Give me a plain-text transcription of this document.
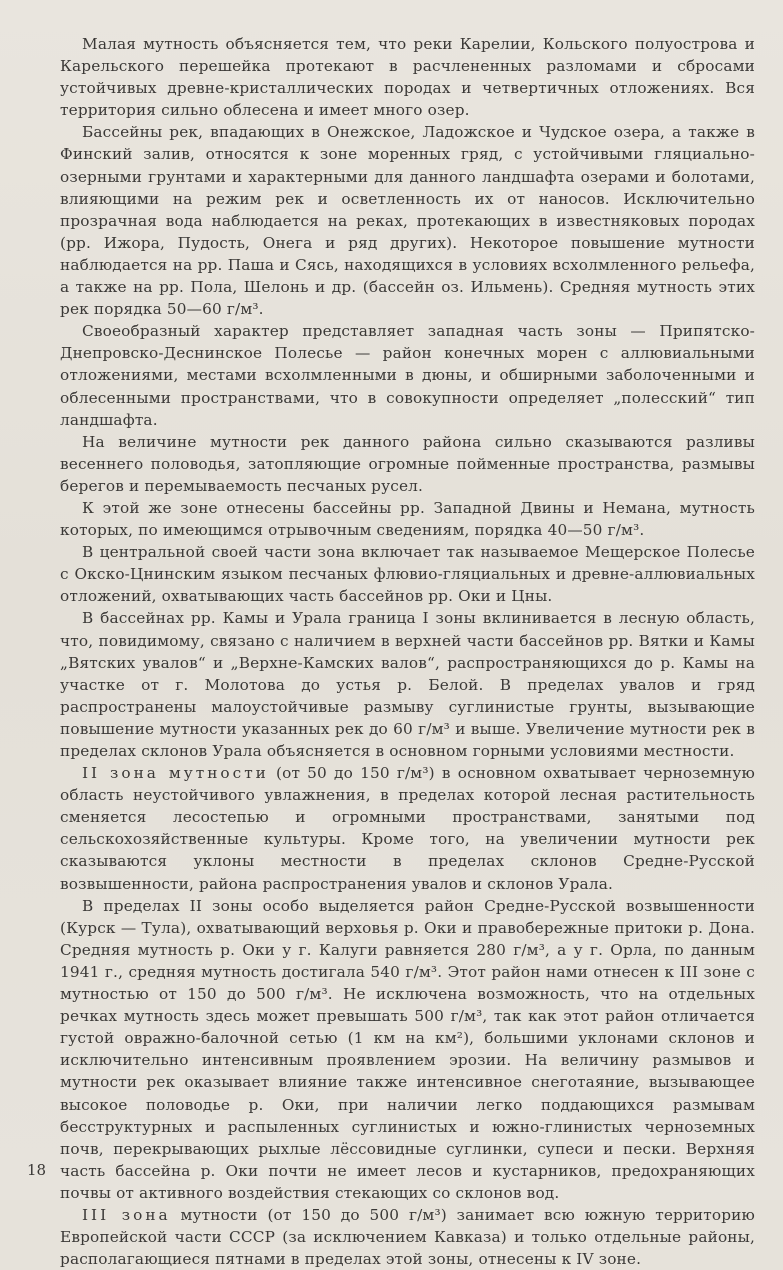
Малая мутность объясняется тем, что реки Карелии, Кольского полуострова и Карельского перешейка протекают в расчлененных разломами и сбросами устойчивых древне-кристаллических породах и четвертичных отложениях. Вся территория сильно облесена и имеет много озер.

Бассейны рек, впадающих в Онежское, Ладожское и Чудское озера, а также в Финский залив, относятся к зоне моренных гряд, с устойчивыми гляциально-озерными грунтами и характерными для данного ландшафта озерами и болотами, влияющими на режим рек и осветленность их от наносов. Исключительно прозрачная вода наблюдается на реках, протекающих в известняковых породах (рр. Ижора, Пудость, Онега и ряд других). Некоторое повышение мутности наблюдается на рр. Паша и Сясь, находящихся в условиях всхолмленного рельефа, а также на рр. Пола, Шелонь и др. (бассейн оз. Ильмень). Средняя мутность этих рек порядка 50—60 г/м³.

Своеобразный характер представляет западная часть зоны — Припятско-Днепровско-Деснинское Полесье — район конечных морен с аллювиальными отложениями, местами всхолмленными в дюны, и обширными заболоченными и облесенными пространствами, что в совокупности определяет „полесский“ тип ландшафта.

На величине мутности рек данного района сильно сказываются разливы весеннего половодья, затопляющие огромные пойменные пространства, размывы берегов и перемываемость песчаных русел.

К этой же зоне отнесены бассейны рр. Западной Двины и Немана, мутность которых, по имеющимся отрывочным сведениям, порядка 40—50 г/м³.

В центральной своей части зона включает так называемое Мещерское Полесье с Окско-Цнинским языком песчаных флювио-гляциальных и древне-аллювиальных отложений, охватывающих часть бассейнов рр. Оки и Цны.

В бассейнах рр. Камы и Урала граница I зоны вклинивается в лесную область, что, повидимому, связано с наличием в верхней части бассейнов рр. Вятки и Камы „Вятских увалов“ и „Верхне-Камских валов“, распространяющихся до р. Камы на участке от г. Молотова до устья р. Белой. В пределах увалов и гряд распространены малоустойчивые размыву суглинистые грунты, вызывающие повышение мутности указанных рек до 60 г/м³ и выше. Увеличение мутности рек в пределах склонов Урала объясняется в основном горными условиями местности.

II зона мутности (от 50 до 150 г/м³) в основном охватывает черноземную область неустойчивого увлажнения, в пределах которой лесная растительность сменяется лесостепью и огромными пространствами, занятыми под сельскохозяйственные культуры. Кроме того, на увеличении мутности рек сказываются уклоны местности в пределах склонов Средне-Русской возвышенности, района распространения увалов и склонов Урала.

В пределах II зоны особо выделяется район Средне-Русской возвышенности (Курск — Тула), охватывающий верховья р. Оки и правобережные притоки р. Дона. Средняя мутность р. Оки у г. Калуги равняется 280 г/м³, а у г. Орла, по данным 1941 г., средняя мутность достигала 540 г/м³. Этот район нами отнесен к III зоне с мутностью от 150 до 500 г/м³. Не исключена возможность, что на отдельных речках мутность здесь может превышать 500 г/м³, так как этот район отличается густой овражно-балочной сетью (1 км на км²), большими уклонами склонов и исключительно интенсивным проявлением эрозии. На величину размывов и мутности рек оказывает влияние также интенсивное снеготаяние, вызывающее высокое половодье р. Оки, при наличии легко поддающихся размывам бесструктурных и распыленных суглинистых и южно-глинистых черноземных почв, перекрывающих рыхлые лёссовидные суглинки, супеси и пески. Верхняя часть бассейна р. Оки почти не имеет лесов и кустарников, предохраняющих почвы от активного воздействия стекающих со склонов вод.

III зона мутности (от 150 до 500 г/м³) занимает всю южную территорию Европейской части СССР (за исключением Кавказа) и только отдельные районы, располагающиеся пятнами в пределах этой зоны, отнесены к IV зоне.

18
